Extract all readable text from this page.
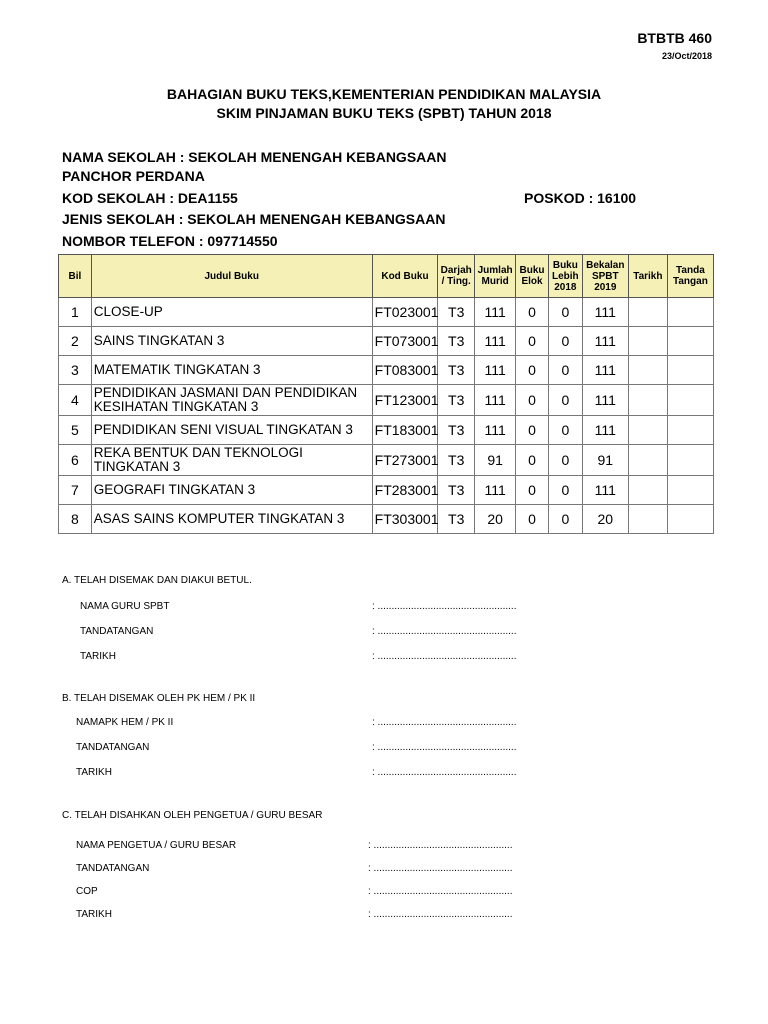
BTBTB 460
23/Oct/2018
BAHAGIAN BUKU TEKS,KEMENTERIAN PENDIDIKAN MALAYSIA
SKIM PINJAMAN BUKU TEKS (SPBT) TAHUN 2018
NAMA SEKOLAH : SEKOLAH MENENGAH KEBANGSAAN
PANCHOR PERDANA
KOD SEKOLAH : DEA1155	POSKOD : 16100
JENIS SEKOLAH : SEKOLAH MENENGAH KEBANGSAAN
NOMBOR TELEFON : 097714550
Bil	Judul Buku	Kod Buku	Darjah / Ting.	Jumlah Murid	Buku Elok	Buku Lebih 2018	Bekalan SPBT 2019	Tarikh	Tanda Tangan
1	CLOSE-UP	FT023001	T3	111	0	0	111		
2	SAINS TINGKATAN 3	FT073001	T3	111	0	0	111		
3	MATEMATIK TINGKATAN 3	FT083001	T3	111	0	0	111		
4	PENDIDIKAN JASMANI DAN PENDIDIKAN KESIHATAN TINGKATAN 3	FT123001	T3	111	0	0	111		
5	PENDIDIKAN SENI VISUAL TINGKATAN 3	FT183001	T3	111	0	0	111		
6	REKA BENTUK DAN TEKNOLOGI TINGKATAN 3	FT273001	T3	91	0	0	91		
7	GEOGRAFI TINGKATAN 3	FT283001	T3	111	0	0	111		
8	ASAS SAINS KOMPUTER TINGKATAN 3	FT303001	T3	20	0	0	20		
A. TELAH DISEMAK DAN DIAKUI BETUL.
NAMA GURU SPBT	: ..................................................
TANDATANGAN	: ..................................................
TARIKH	: ..................................................
B. TELAH DISEMAK OLEH PK HEM / PK II
NAMAPK HEM / PK II	: ..................................................
TANDATANGAN	: ..................................................
TARIKH	: ..................................................
C. TELAH DISAHKAN OLEH PENGETUA / GURU BESAR
NAMA PENGETUA / GURU BESAR	: ..................................................
TANDATANGAN	: ..................................................
COP	: ..................................................
TARIKH	: ..................................................
